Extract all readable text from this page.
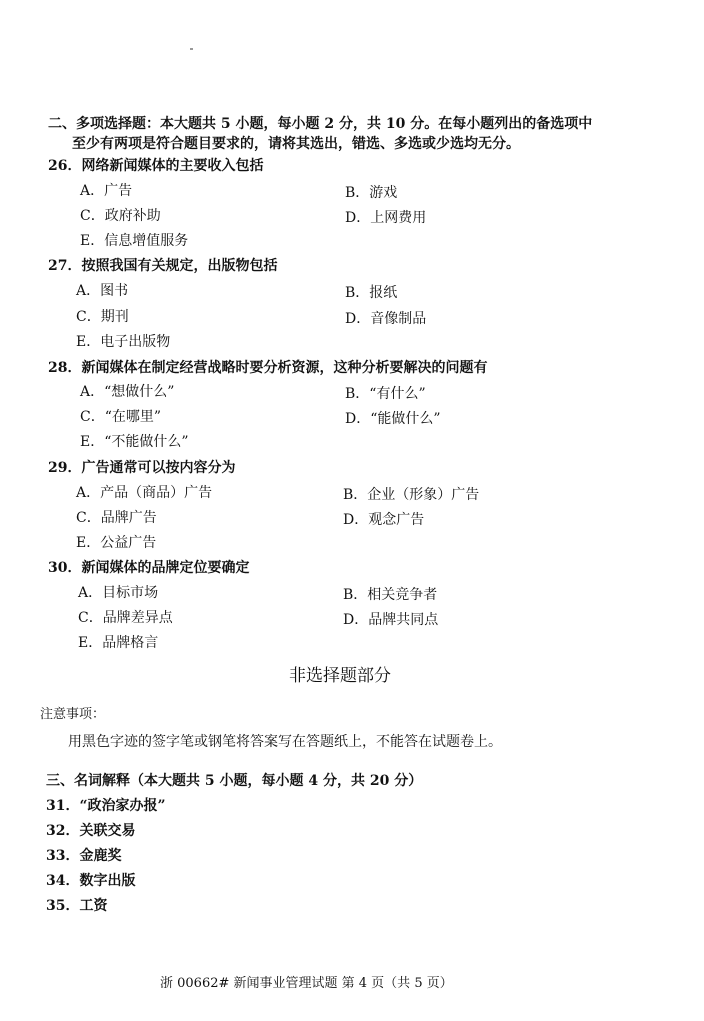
二、多项选择题：本大题共 5 小题，每小题 2 分，共 10 分。在每小题列出的备选项中
至少有两项是符合题目要求的，请将其选出，错选、多选或少选均无分。
26．网络新闻媒体的主要收入包括
A．广告	B．游戏
C．政府补助	D．上网费用
E．信息增值服务
27．按照我国有关规定，出版物包括
A．图书	B．报纸
C．期刊	D．音像制品
E．电子出版物
28．新闻媒体在制定经营战略时要分析资源，这种分析要解决的问题有
A．“想做什么”	B．“有什么”
C．“在哪里”	D．“能做什么”
E．“不能做什么”
29．广告通常可以按内容分为
A．产品（商品）广告	B．企业（形象）广告
C．品牌广告	D．观念广告
E．公益广告
30．新闻媒体的品牌定位要确定
A．目标市场	B．相关竞争者
C．品牌差异点	D．品牌共同点
E．品牌格言
非选择题部分
注意事项：
用黑色字迹的签字笔或钢笔将答案写在答题纸上，不能答在试题卷上。
三、名词解释（本大题共 5 小题，每小题 4 分，共 20 分）
31．“政治家办报”
32．关联交易
33．金鹿奖
34．数字出版
35．工资
浙 00662# 新闻事业管理试题 第 4 页（共 5 页）
